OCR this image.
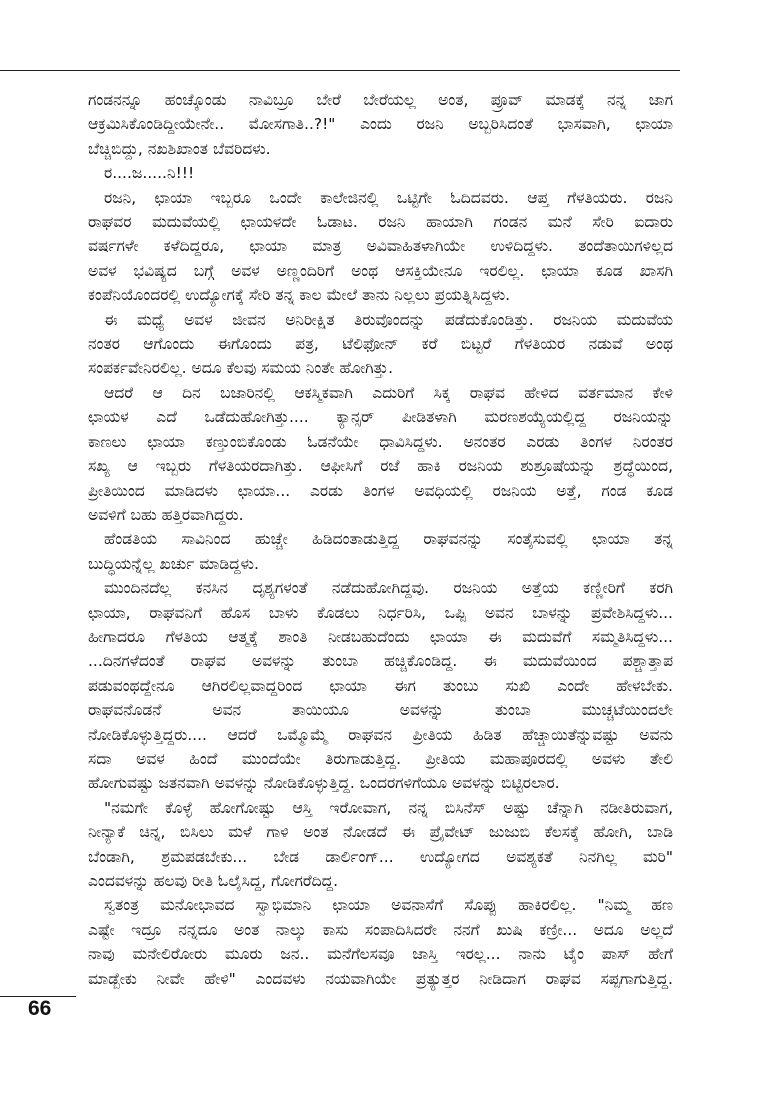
ಗಂಡನನ್ನೂ ಹಂಚ್ಕೊಂಡು ನಾವಿಬ್ರೂ ಬೇರೆ ಬೇರೆಯಲ್ಲ ಅಂತ, ಪ್ರೂವ್ ಮಾಡಕ್ಕೆ ನನ್ನ ಜಾಗ
ಆಕ್ರಮಿಸಿಕೊಂಡಿದ್ದೀಯೇನೇ.. ಮೋಸಗಾತಿ..?!" ಎಂದು ರಜನಿ ಅಬ್ಬರಿಸಿದಂತೆ ಭಾಸವಾಗಿ, ಛಾಯಾ
ಬೆಚ್ಚಿಬಿದ್ದು, ನಖಶಿಖಾಂತ ಬೆವರಿದಳು.
ರ....ಜ.....ನಿ!!!
ರಜನಿ, ಛಾಯಾ ಇಬ್ಬರೂ ಒಂದೇ ಕಾಲೇಜಿನಲ್ಲಿ ಒಟ್ಟಿಗೇ ಓದಿದವರು. ಆಪ್ತ ಗೆಳತಿಯರು. ರಜನಿ
ರಾಘವರ ಮದುವೆಯಲ್ಲಿ ಛಾಯಳದೇ ಓಡಾಟ. ರಜನಿ ಹಾಯಾಗಿ ಗಂಡನ ಮನೆ ಸೇರಿ ಐದಾರು
ವರ್ಷಗಳೇ ಕಳೆದಿದ್ದರೂ, ಛಾಯಾ ಮಾತ್ರ ಅವಿವಾಹಿತಳಾಗಿಯೇ ಉಳಿದಿದ್ದಳು. ತಂದೆತಾಯಿಗಳಿಲ್ಲದ
ಅವಳ ಭವಿಷ್ಯದ ಬಗ್ಗೆ ಅವಳ ಅಣ್ಣಂದಿರಿಗೆ ಅಂಥ ಆಸಕ್ತಿಯೇನೂ ಇರಲಿಲ್ಲ. ಛಾಯಾ ಕೂಡ ಖಾಸಗಿ
ಕಂಪೆನಿಯೊಂದರಲ್ಲಿ ಉದ್ಯೋಗಕ್ಕೆ ಸೇರಿ ತನ್ನ ಕಾಲ ಮೇಲೆ ತಾನು ನಿಲ್ಲಲು ಪ್ರಯತ್ನಿಸಿದ್ದಳು.
ಈ ಮಧ್ಯೆ ಅವಳ ಜೀವನ ಅನಿರೀಕ್ಷಿತ ತಿರುವೊಂದನ್ನು ಪಡೆದುಕೊಂಡಿತ್ತು. ರಜನಿಯ ಮದುವೆಯ
ನಂತರ ಆಗೊಂದು ಈಗೊಂದು ಪತ್ರ, ಟೆಲಿಫೋನ್ ಕರೆ ಬಿಟ್ಟರೆ ಗೆಳತಿಯರ ನಡುವೆ ಅಂಥ
ಸಂಪರ್ಕವೇನಿರಲಿಲ್ಲ. ಅದೂ ಕೆಲವು ಸಮಯ ನಿಂತೇ ಹೋಗಿತ್ತು.
ಆದರೆ ಆ ದಿನ ಬಜಾರಿನಲ್ಲಿ ಆಕಸ್ಮಿಕವಾಗಿ ಎದುರಿಗೆ ಸಿಕ್ಕ ರಾಘವ ಹೇಳಿದ ವರ್ತಮಾನ ಕೇಳಿ
ಛಾಯಳ ಎದೆ ಒಡೆದುಹೋಗಿತ್ತು.... ಕ್ಯಾನ್ಸರ್ ಪೀಡಿತಳಾಗಿ ಮರಣಶಯ್ಯೆಯಲ್ಲಿದ್ದ ರಜನಿಯನ್ನು
ಕಾಣಲು ಛಾಯಾ ಕಣ್ತುಂಬಿಕೊಂಡು ಓಡನೆಯೇ ಧಾವಿಸಿದ್ದಳು. ಅನಂತರ ಎರಡು ತಿಂಗಳ ನಿರಂತರ
ಸಖ್ಯ ಆ ಇಬ್ಬರು ಗೆಳತಿಯರದಾಗಿತ್ತು. ಆಫೀಸಿಗೆ ರಜೆ ಹಾಕಿ ರಜನಿಯ ಶುಶ್ರೂಷೆಯನ್ನು ಶ್ರದ್ಧೆಯಿಂದ,
ಪ್ರೀತಿಯಿಂದ ಮಾಡಿದಳು ಛಾಯಾ... ಎರಡು ತಿಂಗಳ ಅವಧಿಯಲ್ಲಿ ರಜನಿಯ ಅತ್ತೆ, ಗಂಡ ಕೂಡ
ಅವಳಿಗೆ ಬಹು ಹತ್ತಿರವಾಗಿದ್ದರು.
ಹೆಂಡತಿಯ ಸಾವಿನಿಂದ ಹುಚ್ಚೇ ಹಿಡಿದಂತಾಡುತ್ತಿದ್ದ ರಾಘವನನ್ನು ಸಂತೈಸುವಲ್ಲಿ ಛಾಯಾ ತನ್ನ
ಬುದ್ಧಿಯನ್ನೆಲ್ಲ ಖರ್ಚು ಮಾಡಿದ್ದಳು.
ಮುಂದಿನದೆಲ್ಲ ಕನಸಿನ ದೃಶ್ಯಗಳಂತೆ ನಡೆದುಹೋಗಿದ್ದವು. ರಜನಿಯ ಅತ್ತೆಯ ಕಣ್ಣೀರಿಗೆ ಕರಗಿ
ಛಾಯಾ, ರಾಘವನಿಗೆ ಹೊಸ ಬಾಳು ಕೊಡಲು ನಿರ್ಧರಿಸಿ, ಒಪ್ಪಿ ಅವನ ಬಾಳನ್ನು ಪ್ರವೇಶಿಸಿದ್ದಳು...
ಹೀಗಾದರೂ ಗೆಳತಿಯ ಆತ್ಮಕ್ಕೆ ಶಾಂತಿ ನೀಡಬಹುದೆಂದು ಛಾಯಾ ಈ ಮದುವೆಗೆ ಸಮ್ಮತಿಸಿದ್ದಳು...
...ದಿನಗಳೆದಂತೆ ರಾಘವ ಅವಳನ್ನು ತುಂಬಾ ಹಚ್ಚಿಕೊಂಡಿದ್ದ. ಈ ಮದುವೆಯಿಂದ ಪಶ್ಚಾತ್ತಾಪ
ಪಡುವಂಥದ್ದೇನೂ ಆಗಿರಲಿಲ್ಲವಾದ್ದರಿಂದ ಛಾಯಾ ಈಗ ತುಂಬು ಸುಖಿ ಎಂದೇ ಹೇಳಬೇಕು.
ರಾಘವನೊಡನೆ ಅವನ ತಾಯಿಯೂ ಅವಳನ್ನು ತುಂಬಾ ಮುಚ್ಚಟೆಯಿಂದಲೇ
ನೋಡಿಕೊಳ್ಳುತ್ತಿದ್ದರು.... ಆದರೆ ಒಮ್ಮೊಮ್ಮೆ ರಾಘವನ ಪ್ರೀತಿಯ ಹಿಡಿತ ಹೆಚ್ಚಾಯಿತೆನ್ನುವಷ್ಟು ಅವನು
ಸದಾ ಅವಳ ಹಿಂದೆ ಮುಂದೆಯೇ ತಿರುಗಾಡುತ್ತಿದ್ದ. ಪ್ರೀತಿಯ ಮಹಾಪೂರದಲ್ಲಿ ಅವಳು ತೇಲಿ
ಹೋಗುವಷ್ಟು ಜತನವಾಗಿ ಅವಳನ್ನು ನೋಡಿಕೊಳ್ಳುತ್ತಿದ್ದ. ಒಂದರಗಳಿಗೆಯೂ ಅವಳನ್ನು ಬಿಟ್ಟಿರಲಾರ.
"ನಮಗೇ ಕೊಳ್ಳೆ ಹೋಗೋಷ್ಟು ಆಸ್ತಿ ಇರೋವಾಗ, ನನ್ನ ಬಿಸಿನೆಸ್ ಅಷ್ಟು ಚೆನ್ನಾಗಿ ನಡೀತಿರುವಾಗ,
ನೀನ್ಯಾಕೆ ಚಿನ್ನ, ಬಿಸಿಲು ಮಳೆ ಗಾಳಿ ಅಂತ ನೋಡದೆ ಈ ಪ್ರೈವೇಟ್ ಜುಜುಬಿ ಕೆಲಸಕ್ಕೆ ಹೋಗಿ, ಬಾಡಿ
ಬೆಂಡಾಗಿ, ಶ್ರಮಪಡಬೇಕು... ಬೇಡ ಡಾರ್ಲಿಂಗ್... ಉದ್ಯೋಗದ ಅವಶ್ಯಕತೆ ನಿನಗಿಲ್ಲ ಮರಿ"
ಎಂದವಳನ್ನು ಹಲವು ರೀತಿ ಓಲೈಸಿದ್ದ, ಗೋಗರೆದಿದ್ದ.
ಸ್ವತಂತ್ರ ಮನೋಭಾವದ ಸ್ವಾಭಿಮಾನಿ ಛಾಯಾ ಅವನಾಸೆಗೆ ಸೊಪ್ಪು ಹಾಕಿರಲಿಲ್ಲ. "ನಿಮ್ಮ ಹಣ
ಎಷ್ಟೇ ಇದ್ರೂ ನನ್ನದೂ ಅಂತ ನಾಲ್ಕು ಕಾಸು ಸಂಪಾದಿಸಿದರೇ ನನಗೆ ಖುಷಿ ಕಣ್ರೀ... ಅದೂ ಅಲ್ಲದೆ
ನಾವು ಮನೇಲಿರೋರು ಮೂರು ಜನ.. ಮನೆಗೆಲಸವೂ ಜಾಸ್ತಿ ಇರಲ್ಲ... ನಾನು ಟೈಂ ಪಾಸ್ ಹೇಗೆ
ಮಾಡ್ಬೇಕು ನೀವೇ ಹೇಳಿ" ಎಂದವಳು ನಯವಾಗಿಯೇ ಪ್ರತ್ಯುತ್ತರ ನೀಡಿದಾಗ ರಾಘವ ಸಪ್ಪಗಾಗುತ್ತಿದ್ದ.
66
